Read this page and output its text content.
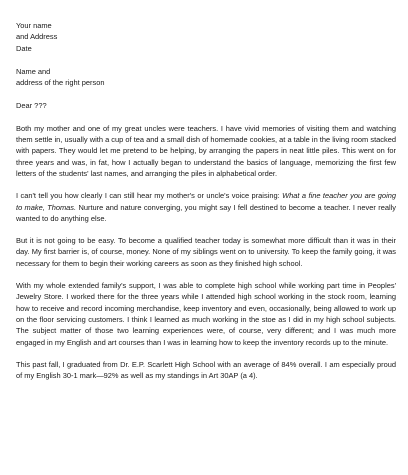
Your name
and Address
Date
Name and
address of the right person
Dear ???

Both my mother and one of my great uncles were teachers. I have vivid memories of visiting them and watching them settle in, usually with a cup of tea and a small dish of homemade cookies, at a table in the living room stacked with papers. They would let me pretend to be helping, by arranging the papers in neat little piles. This went on for three years and was, in fat, how I actually began to understand the basics of language, memorizing the first few letters of the students' last names, and arranging the piles in alphabetical order.

I can't tell you how clearly I can still hear my mother's or uncle's voice praising: What a fine teacher you are going to make, Thomas. Nurture and nature converging, you might say I fell destined to become a teacher. I never really wanted to do anything else.

But it is not going to be easy. To become a qualified teacher today is somewhat more difficult than it was in their day. My first barrier is, of course, money. None of my siblings went on to university. To keep the family going, it was necessary for them to begin their working careers as soon as they finished high school.

With my whole extended family's support, I was able to complete high school while working part time in Peoples' Jewelry Store. I worked there for the three years while I attended high school working in the stock room, learning how to receive and record incoming merchandise, keep inventory and even, occasionally, being allowed to work up on the floor servicing customers. I think I learned as much working in the stoe as I did in my high school subjects. The subject matter of those two learning experiences were, of course, very different; and I was much more engaged in my English and art courses than I was in learning how to keep the inventory records up to the minute.

This past fall, I graduated from Dr. E.P. Scarlett High School with an average of 84% overall. I am especially proud of my English 30-1 mark—92% as well as my standings in Art 30AP (a 4).
